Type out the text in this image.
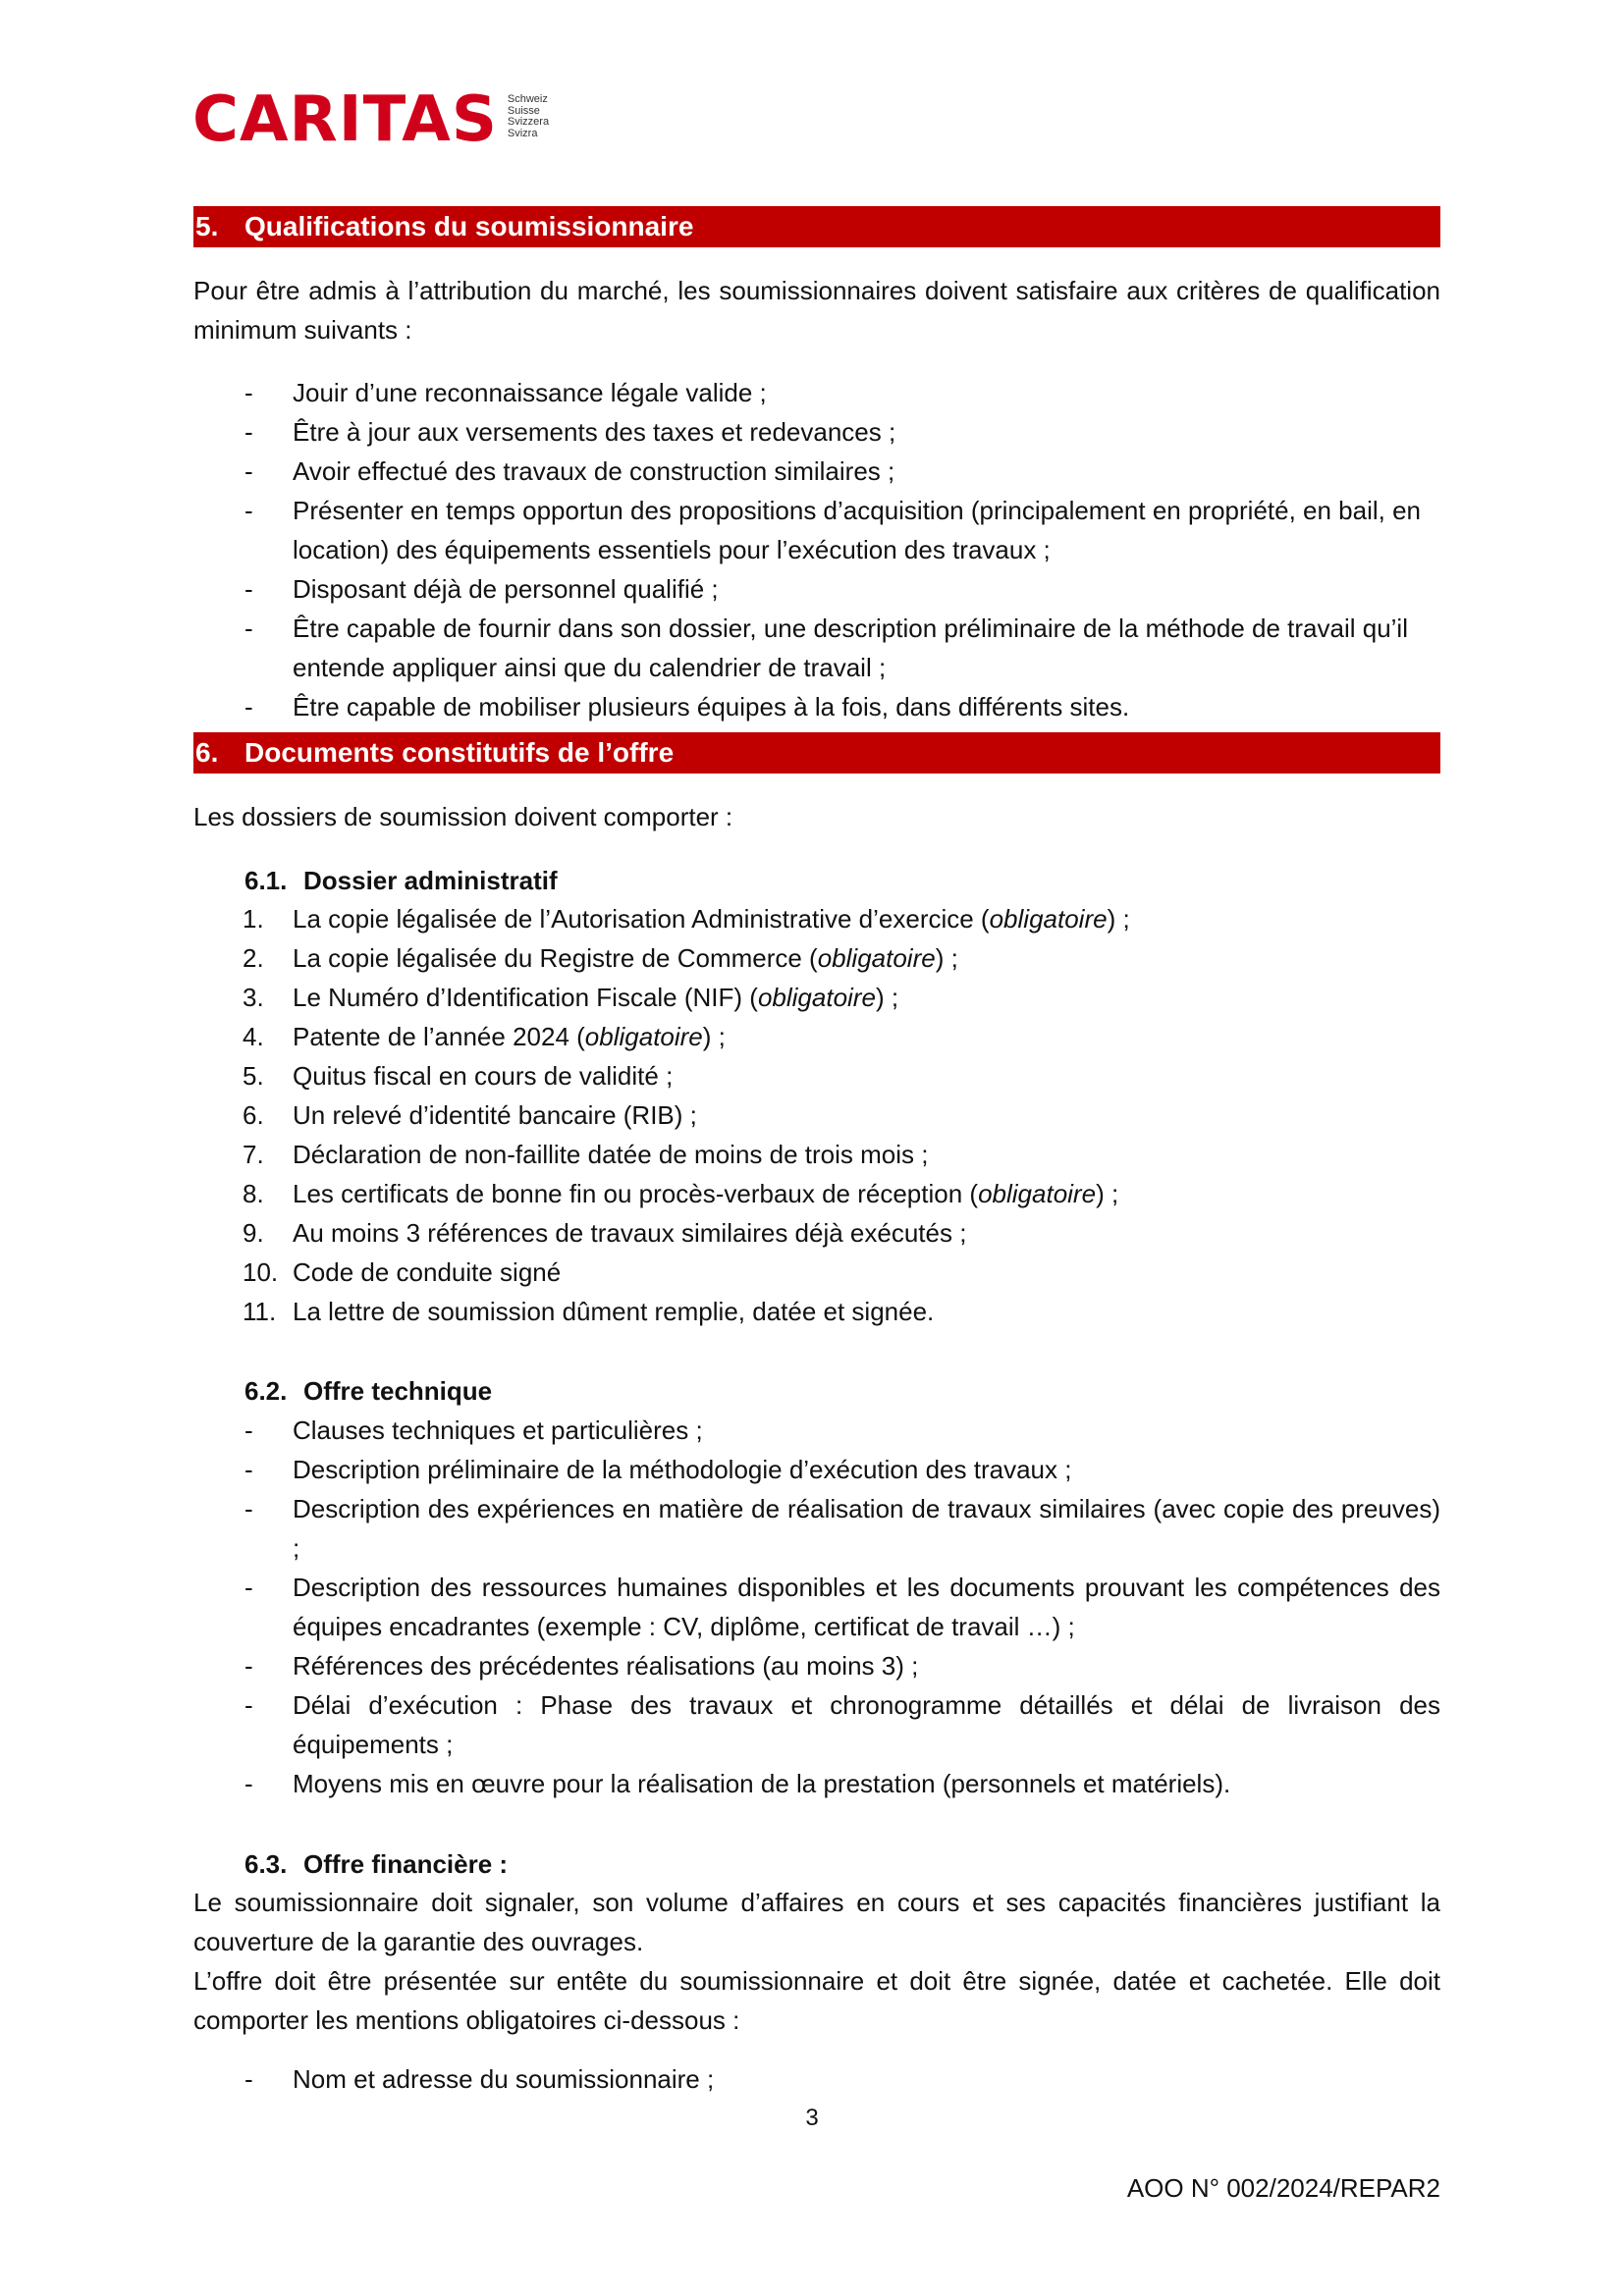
CARITAS Schweiz
Suisse
Svizzera
Svizra
5. Qualifications du soumissionnaire
Pour être admis à l’attribution du marché, les soumissionnaires doivent satisfaire aux critères de qualification minimum suivants :
- Jouir d’une reconnaissance légale valide ;
- Être à jour aux versements des taxes et redevances ;
- Avoir effectué des travaux de construction similaires ;
- Présenter en temps opportun des propositions d’acquisition (principalement en propriété, en bail, en location) des équipements essentiels pour l’exécution des travaux ;
- Disposant déjà de personnel qualifié ;
- Être capable de fournir dans son dossier, une description préliminaire de la méthode de travail qu’il entende appliquer ainsi que du calendrier de travail ;
- Être capable de mobiliser plusieurs équipes à la fois, dans différents sites.
6. Documents constitutifs de l’offre
Les dossiers de soumission doivent comporter :
6.1. Dossier administratif
1. La copie légalisée de l’Autorisation Administrative d’exercice (obligatoire) ;
2. La copie légalisée du Registre de Commerce (obligatoire) ;
3. Le Numéro d’Identification Fiscale (NIF) (obligatoire) ;
4. Patente de l’année 2024 (obligatoire) ;
5. Quitus fiscal en cours de validité ;
6. Un relevé d’identité bancaire (RIB) ;
7. Déclaration de non-faillite datée de moins de trois mois ;
8. Les certificats de bonne fin ou procès-verbaux de réception (obligatoire) ;
9. Au moins 3 références de travaux similaires déjà exécutés ;
10. Code de conduite signé
11. La lettre de soumission dûment remplie, datée et signée.
6.2. Offre technique
- Clauses techniques et particulières ;
- Description préliminaire de la méthodologie d’exécution des travaux ;
- Description des expériences en matière de réalisation de travaux similaires (avec copie des preuves) ;
- Description des ressources humaines disponibles et les documents prouvant les compétences des équipes encadrantes (exemple : CV, diplôme, certificat de travail …) ;
- Références des précédentes réalisations (au moins 3) ;
- Délai d’exécution : Phase des travaux et chronogramme détaillés et délai de livraison des équipements ;
- Moyens mis en œuvre pour la réalisation de la prestation (personnels et matériels).
6.3. Offre financière :
Le soumissionnaire doit signaler, son volume d’affaires en cours et ses capacités financières justifiant la couverture de la garantie des ouvrages.
L’offre doit être présentée sur entête du soumissionnaire et doit être signée, datée et cachetée. Elle doit comporter les mentions obligatoires ci-dessous :
- Nom et adresse du soumissionnaire ;
3
AOO N° 002/2024/REPAR2
